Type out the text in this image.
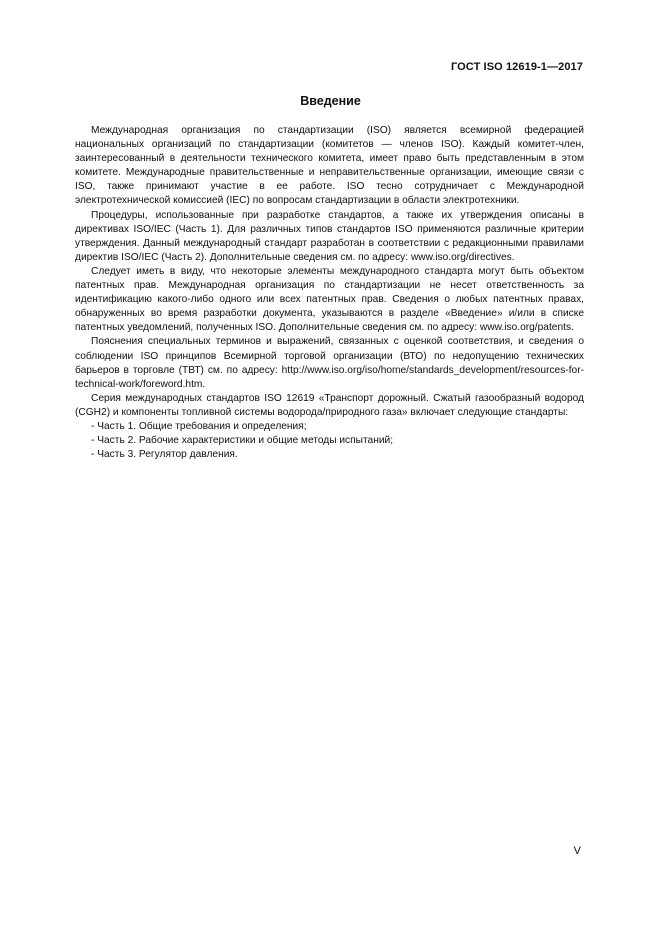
ГОСТ ISO 12619-1—2017
Введение

Международная организация по стандартизации (ISO) является всемирной федерацией национальных организаций по стандартизации (комитетов — членов ISO). Каждый комитет-член, заинтересованный в деятельности технического комитета, имеет право быть представленным в этом комитете. Международные правительственные и неправительственные организации, имеющие связи с ISO, также принимают участие в ее работе. ISO тесно сотрудничает с Международной электротехнической комиссией (IEC) по вопросам стандартизации в области электротехники.

Процедуры, использованные при разработке стандартов, а также их утверждения описаны в директивах ISO/IEC (Часть 1). Для различных типов стандартов ISO применяются различные критерии утверждения. Данный международный стандарт разработан в соответствии с редакционными правилами директив ISO/IEC (Часть 2). Дополнительные сведения см. по адресу: www.iso.org/directives.

Следует иметь в виду, что некоторые элементы международного стандарта могут быть объектом патентных прав. Международная организация по стандартизации не несет ответственность за идентификацию какого-либо одного или всех патентных прав. Сведения о любых патентных правах, обнаруженных во время разработки документа, указываются в разделе «Введение» и/или в списке патентных уведомлений, полученных ISO. Дополнительные сведения см. по адресу: www.iso.org/patents.

Пояснения специальных терминов и выражений, связанных с оценкой соответствия, и сведения о соблюдении ISO принципов Всемирной торговой организации (ВТО) по недопущению технических барьеров в торговле (ТВТ) см. по адресу: http://www.iso.org/iso/home/standards_development/resources-for-technical-work/foreword.htm.

Серия международных стандартов ISO 12619 «Транспорт дорожный. Сжатый газообразный водород (CGH2) и компоненты топливной системы водорода/природного газа» включает следующие стандарты:

- Часть 1. Общие требования и определения;
- Часть 2. Рабочие характеристики и общие методы испытаний;
- Часть 3. Регулятор давления.
V
